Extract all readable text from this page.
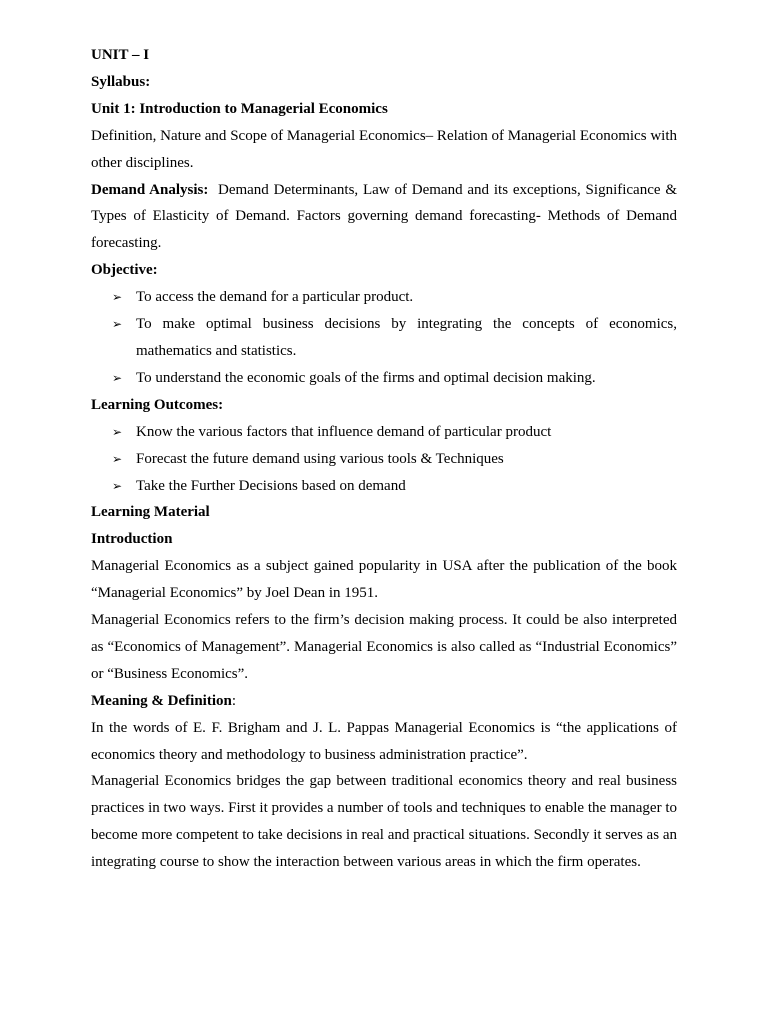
UNIT – I

Syllabus:

Unit 1: Introduction to Managerial Economics

Definition, Nature and Scope of Managerial Economics– Relation of Managerial Economics with other disciplines.

Demand Analysis: Demand Determinants, Law of Demand and its exceptions, Significance & Types of Elasticity of Demand. Factors governing demand forecasting- Methods of Demand forecasting.

Objective:

➢ To access the demand for a particular product.
➢ To make optimal business decisions by integrating the concepts of economics, mathematics and statistics.
➢ To understand the economic goals of the firms and optimal decision making.

Learning Outcomes:

➢ Know the various factors that influence demand of particular product
➢ Forecast the future demand using various tools & Techniques
➢ Take the Further Decisions based on demand

Learning Material

Introduction

Managerial Economics as a subject gained popularity in USA after the publication of the book “Managerial Economics” by Joel Dean in 1951.

Managerial Economics refers to the firm’s decision making process. It could be also interpreted as “Economics of Management”. Managerial Economics is also called as “Industrial Economics” or “Business Economics”.

Meaning & Definition:

In the words of E. F. Brigham and J. L. Pappas Managerial Economics is “the applications of economics theory and methodology to business administration practice”.

Managerial Economics bridges the gap between traditional economics theory and real business practices in two ways. First it provides a number of tools and techniques to enable the manager to become more competent to take decisions in real and practical situations. Secondly it serves as an integrating course to show the interaction between various areas in which the firm operates.
